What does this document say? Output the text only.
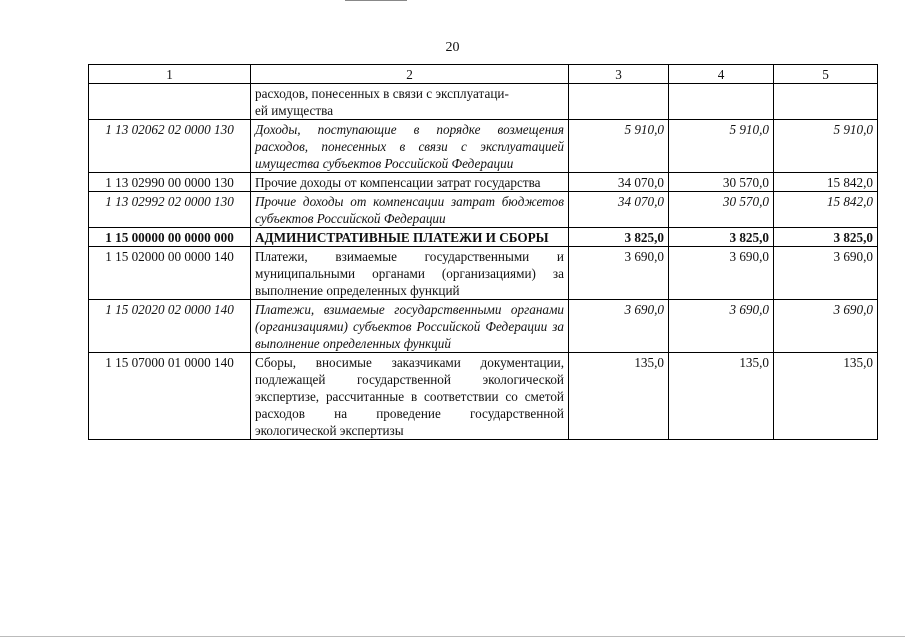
20
1	2	3	4	5
	расходов, понесенных в связи с эксплуатаци-
ей имущества			
1 13 02062 02 0000 130	Доходы, поступающие в порядке возмещения расходов, понесенных в связи с эксплуатацией имущества субъектов Российской Федерации	5 910,0	5 910,0	5 910,0
1 13 02990 00 0000 130	Прочие доходы от компенсации затрат государства	34 070,0	30 570,0	15 842,0
1 13 02992 02 0000 130	Прочие доходы от компенсации затрат бюджетов субъектов Российской Федерации	34 070,0	30 570,0	15 842,0
1 15 00000 00 0000 000	АДМИНИСТРАТИВНЫЕ ПЛАТЕЖИ И СБОРЫ	3 825,0	3 825,0	3 825,0
1 15 02000 00 0000 140	Платежи, взимаемые государственными и муниципальными органами (организациями) за выполнение определенных функций	3 690,0	3 690,0	3 690,0
1 15 02020 02 0000 140	Платежи, взимаемые государственными органами (организациями) субъектов Российской Федерации за выполнение определенных функций	3 690,0	3 690,0	3 690,0
1 15 07000 01 0000 140	Сборы, вносимые заказчиками документации, подлежащей государственной экологической экспертизе, рассчитанные в соответствии со сметой расходов на проведение государственной экологической экспертизы	135,0	135,0	135,0
